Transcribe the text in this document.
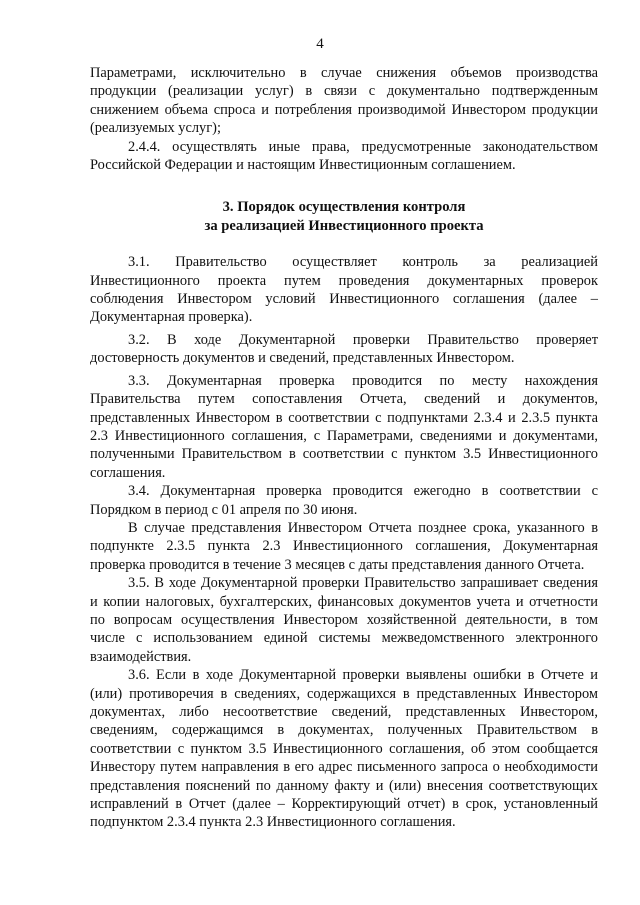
4

Параметрами, исключительно в случае снижения объемов производства продукции (реализации услуг) в связи с документально подтвержденным снижением объема спроса и потребления производимой Инвестором продукции (реализуемых услуг);

2.4.4. осуществлять иные права, предусмотренные законодательством Российской Федерации и настоящим Инвестиционным соглашением.

3. Порядок осуществления контроля
за реализацией Инвестиционного проекта

3.1. Правительство осуществляет контроль за реализацией Инвестиционного проекта путем проведения документарных проверок соблюдения Инвестором условий Инвестиционного соглашения (далее – Документарная проверка).

3.2. В ходе Документарной проверки Правительство проверяет достоверность документов и сведений, представленных Инвестором.

3.3. Документарная проверка проводится по месту нахождения Правительства путем сопоставления Отчета, сведений и документов, представленных Инвестором в соответствии с подпунктами 2.3.4 и 2.3.5 пункта 2.3 Инвестиционного соглашения, с Параметрами, сведениями и документами, полученными Правительством в соответствии с пунктом 3.5 Инвестиционного соглашения.

3.4. Документарная проверка проводится ежегодно в соответствии с Порядком в период с 01 апреля по 30 июня.

В случае представления Инвестором Отчета позднее срока, указанного в подпункте 2.3.5 пункта 2.3 Инвестиционного соглашения, Документарная проверка проводится в течение 3 месяцев с даты представления данного Отчета.

3.5. В ходе Документарной проверки Правительство запрашивает сведения и копии налоговых, бухгалтерских, финансовых документов учета и отчетности по вопросам осуществления Инвестором хозяйственной деятельности, в том числе с использованием единой системы межведомственного электронного взаимодействия.

3.6. Если в ходе Документарной проверки выявлены ошибки в Отчете и (или) противоречия в сведениях, содержащихся в представленных Инвестором документах, либо несоответствие сведений, представленных Инвестором, сведениям, содержащимся в документах, полученных Правительством в соответствии с пунктом 3.5 Инвестиционного соглашения, об этом сообщается Инвестору путем направления в его адрес письменного запроса о необходимости представления пояснений по данному факту и (или) внесения соответствующих исправлений в Отчет (далее – Корректирующий отчет) в срок, установленный подпунктом 2.3.4 пункта 2.3 Инвестиционного соглашения.
